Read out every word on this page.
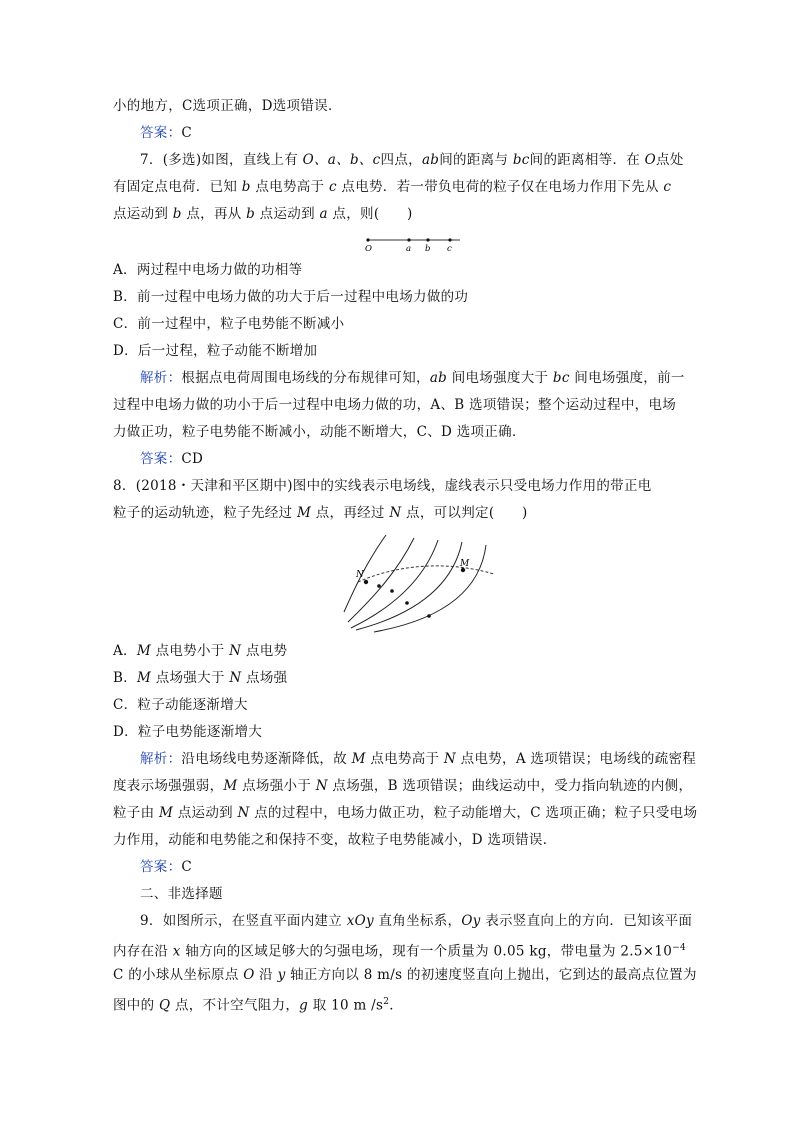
小的地方，C选项正确，D选项错误．
答案：C
7．(多选)如图，直线上有 O、a、b、c四点，ab间的距离与 bc间的距离相等．在 O点处
有固定点电荷．已知 b 点电势高于 c 点电势．若一带负电荷的粒子仅在电场力作用下先从 c
点运动到 b 点，再从 b 点运动到 a 点，则(　　)
O	a b c
A．两过程中电场力做的功相等
B．前一过程中电场力做的功大于后一过程中电场力做的功
C．前一过程中，粒子电势能不断减小
D．后一过程，粒子动能不断增加
解析：根据点电荷周围电场线的分布规律可知，ab 间电场强度大于 bc 间电场强度，前一
过程中电场力做的功小于后一过程中电场力做的功，A、B 选项错误；整个运动过程中，电场
力做正功，粒子电势能不断减小，动能不断增大，C、D 选项正确．
答案：CD
8．(2018・天津和平区期中)图中的实线表示电场线，虚线表示只受电场力作用的带正电
粒子的运动轨迹，粒子先经过 M 点，再经过 N 点，可以判定(　　)
N
M
A．M 点电势小于 N 点电势
B．M 点场强大于 N 点场强
C．粒子动能逐渐增大
D．粒子电势能逐渐增大
解析：沿电场线电势逐渐降低，故 M 点电势高于 N 点电势，A 选项错误；电场线的疏密程
度表示场强强弱，M 点场强小于 N 点场强，B 选项错误；曲线运动中，受力指向轨迹的内侧，
粒子由 M 点运动到 N 点的过程中，电场力做正功，粒子动能增大，C 选项正确；粒子只受电场
力作用，动能和电势能之和保持不变，故粒子电势能减小，D 选项错误．
答案：C
二、非选择题
9．如图所示，在竖直平面内建立 xOy 直角坐标系，Oy 表示竖直向上的方向．已知该平面
内存在沿 x 轴方向的区域足够大的匀强电场，现有一个质量为 0.05 kg，带电量为 $2.5\times 10^{-4}$
C 的小球从坐标原点 O 沿 y 轴正方向以 8 m/s 的初速度竖直向上抛出，它到达的最高点位置为
图中的 Q 点，不计空气阻力，g 取 10 m $/s^2$．
